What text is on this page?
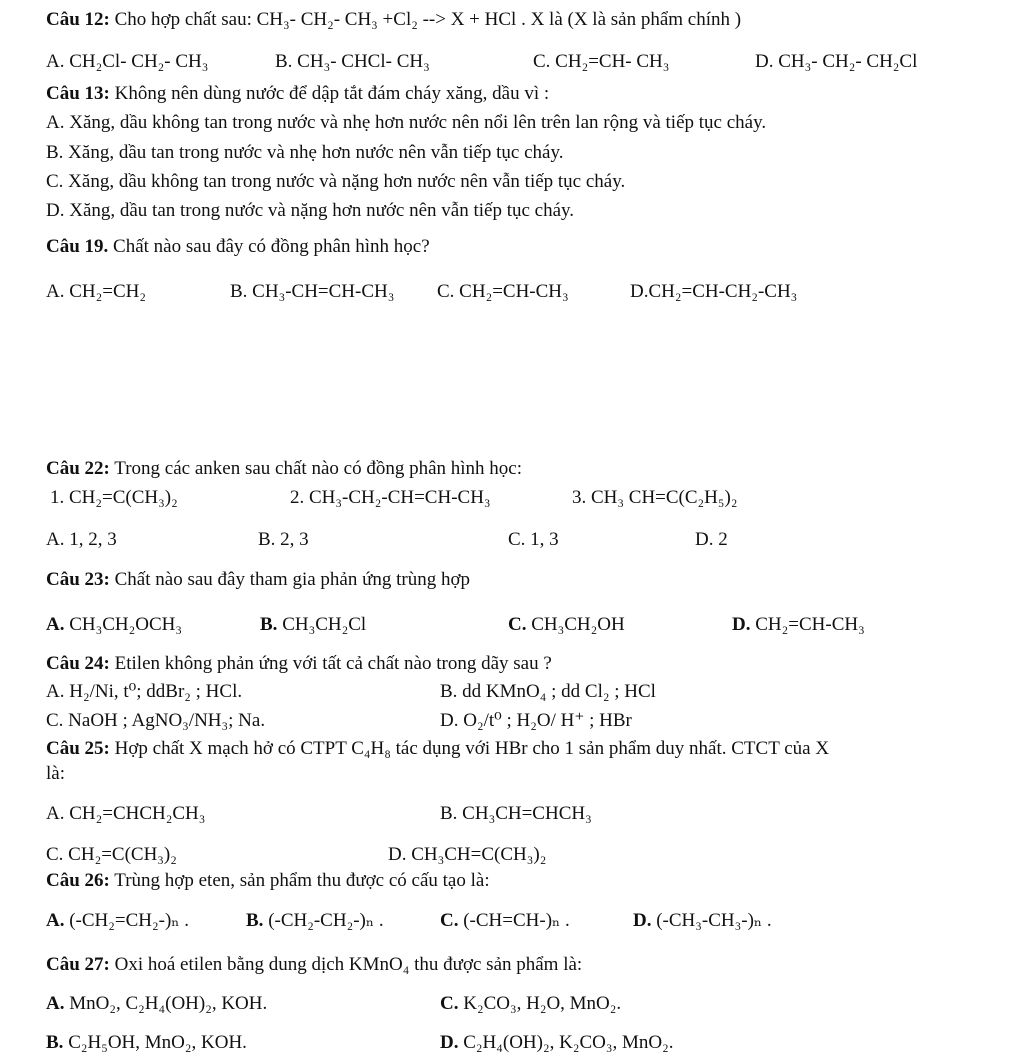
Câu 12: Cho hợp chất sau: CH₃- CH₂- CH₃ +Cl₂ --> X + HCl . X là (X là sản phẩm chính )
A. CH₂Cl- CH₂- CH₃	B. CH₃- CHCl- CH₃	C. CH₂=CH- CH₃	D. CH₃- CH₂- CH₂Cl
Câu 13: Không nên dùng nước để dập tắt đám cháy xăng, dầu vì :
A. Xăng, dầu không tan trong nước và nhẹ hơn nước nên nổi lên trên lan rộng và tiếp tục cháy.
B. Xăng, dầu tan trong nước và nhẹ hơn nước nên vẫn tiếp tục cháy.
C. Xăng, dầu không tan trong nước và nặng hơn nước nên vẫn tiếp tục cháy.
D. Xăng, dầu tan trong nước và nặng hơn nước nên vẫn tiếp tục cháy.
Câu 19. Chất nào sau đây có đồng phân hình học?
A. CH₂=CH₂	B. CH₃-CH=CH-CH₃ C. CH₂=CH-CH₃	D.CH₂=CH-CH₂-CH₃
Câu 22: Trong các anken sau chất nào có đồng phân hình học:
1. CH₂=C(CH₃)₂	2. CH₃-CH₂-CH=CH-CH₃	3. CH₃ CH=C(C₂H₅)₂
A. 1, 2, 3	B. 2, 3	C. 1, 3	D. 2
Câu 23: Chất nào sau đây tham gia phản ứng trùng hợp
A. CH₃CH₂OCH₃	B. CH₃CH₂Cl	C. CH₃CH₂OH	D. CH₂=CH-CH₃
Câu 24: Etilen không phản ứng với tất cả chất nào trong dãy sau ?
A. H₂/Ni, t⁰; ddBr₂ ; HCl.	B. dd KMnO₄ ; dd Cl₂ ; HCl
C. NaOH ; AgNO₃/NH₃; Na.	D. O₂/t⁰ ; H₂O/ H⁺ ; HBr
Câu 25: Hợp chất X mạch hở có CTPT C₄H₈ tác dụng với HBr cho 1 sản phẩm duy nhất. CTCT của X
là:
A. CH₂=CHCH₂CH₃	B. CH₃CH=CHCH₃
C. CH₂=C(CH₃)₂	D. CH₃CH=C(CH₃)₂
Câu 26: Trùng hợp eten, sản phẩm thu được có cấu tạo là:
A. (-CH₂=CH₂-)ₙ .	B. (-CH₂-CH₂-)ₙ .	C. (-CH=CH-)ₙ .	D. (-CH₃-CH₃-)ₙ .
Câu 27: Oxi hoá etilen bằng dung dịch KMnO₄ thu được sản phẩm là:
A. MnO₂, C₂H₄(OH)₂, KOH.	C. K₂CO₃, H₂O, MnO₂.
B. C₂H₅OH, MnO₂, KOH.	D. C₂H₄(OH)₂, K₂CO₃, MnO₂.
